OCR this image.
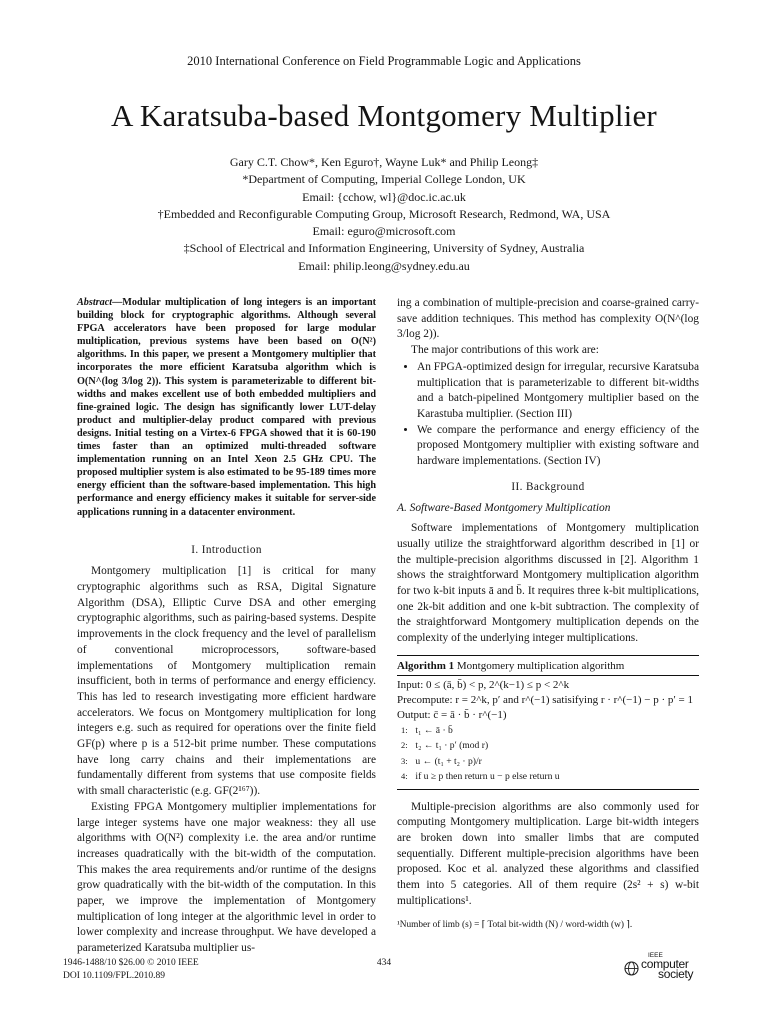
2010 International Conference on Field Programmable Logic and Applications
A Karatsuba-based Montgomery Multiplier
Gary C.T. Chow*, Ken Eguro†, Wayne Luk* and Philip Leong‡
*Department of Computing, Imperial College London, UK
Email: {cchow, wl}@doc.ic.ac.uk
†Embedded and Reconfigurable Computing Group, Microsoft Research, Redmond, WA, USA
Email: eguro@microsoft.com
‡School of Electrical and Information Engineering, University of Sydney, Australia
Email: philip.leong@sydney.edu.au
Abstract—Modular multiplication of long integers is an important building block for cryptographic algorithms. Although several FPGA accelerators have been proposed for large modular multiplication, previous systems have been based on O(N²) algorithms. In this paper, we present a Montgomery multiplier that incorporates the more efficient Karatsuba algorithm which is O(N^(log 3/log 2)). This system is parameterizable to different bit-widths and makes excellent use of both embedded multipliers and fine-grained logic. The design has significantly lower LUT-delay product and multiplier-delay product compared with previous designs. Initial testing on a Virtex-6 FPGA showed that it is 60-190 times faster than an optimized multi-threaded software implementation running on an Intel Xeon 2.5 GHz CPU. The proposed multiplier system is also estimated to be 95-189 times more energy efficient than the software-based implementation. This high performance and energy efficiency makes it suitable for server-side applications running in a datacenter environment.
I. Introduction

Montgomery multiplication [1] is critical for many cryptographic algorithms such as RSA, Digital Signature Algorithm (DSA), Elliptic Curve DSA and other emerging cryptographic algorithms, such as pairing-based systems. Despite improvements in the clock frequency and the level of parallelism of conventional microprocessors, software-based implementations of Montgomery multiplication remain insufficient, both in terms of performance and energy efficiency. This has led to research investigating more efficient hardware accelerators. We focus on Montgomery multiplication for long integers e.g. such as required for operations over the finite field GF(p) where p is a 512-bit prime number. These computations have long carry chains and their implementations are fundamentally different from systems that use composite fields with small characteristic (e.g. GF(2¹⁶⁷)).

Existing FPGA Montgomery multiplier implementations for large integer systems have one major weakness: they all use algorithms with O(N²) complexity i.e. the area and/or runtime increases quadratically with the bit-width of the computation. This makes the area requirements and/or runtime of the designs grow quadratically with the bit-width of the computation. In this paper, we improve the implementation of Montgomery multiplication of long integer at the algorithmic level in order to lower complexity and increase throughput. We have developed a parameterized Karatsuba multiplier us-

ing a combination of multiple-precision and coarse-grained carry-save addition techniques. This method has complexity O(N^(log 3/log 2)).

The major contributions of this work are:

• An FPGA-optimized design for irregular, recursive Karatsuba multiplication that is parameterizable to different bit-widths and a batch-pipelined Montgomery multiplier based on the Karastuba multiplier. (Section III)
• We compare the performance and energy efficiency of the proposed Montgomery multiplier with existing software and hardware implementations. (Section IV)
II. Background
A. Software-Based Montgomery Multiplication

Software implementations of Montgomery multiplication usually utilize the straightforward algorithm described in [1] or the multiple-precision algorithms discussed in [2]. Algorithm 1 shows the straightforward Montgomery multiplication algorithm for two k-bit inputs ā and b̄. It requires three k-bit multiplications, one 2k-bit addition and one k-bit subtraction. The complexity of the straightforward Montgomery multiplication depends on the complexity of the underlying integer multiplications.

Algorithm 1 Montgomery multiplication algorithm
Input: 0 ≤ (ā, b̄) < p, 2^(k−1) ≤ p < 2^k
Precompute: r = 2^k, p′ and r^(−1) satisifying r · r^(−1) − p · p′ = 1
Output: c̄ = ā · b̄ · r^(−1)
1: t₁ ← ā · b̄
2: t₂ ← t₁ · p′ (mod r)
3: u ← (t₁ + t₂ · p)/r
4: if u ≥ p then return u − p else return u

Multiple-precision algorithms are also commonly used for computing Montgomery multiplication. Large bit-width integers are broken down into smaller limbs that are computed sequentially. Different multiple-precision algorithms have been proposed. Koc et al. analyzed these algorithms and classified them into 5 categories. All of them require (2s² + s) w-bit multiplications¹.

¹Number of limb (s) = ⌈ Total bit-width (N) / word-width (w) ⌉.
1946-1488/10 $26.00 © 2010 IEEE
DOI 10.1109/FPL.2010.89
434
IEEE
computer
society
